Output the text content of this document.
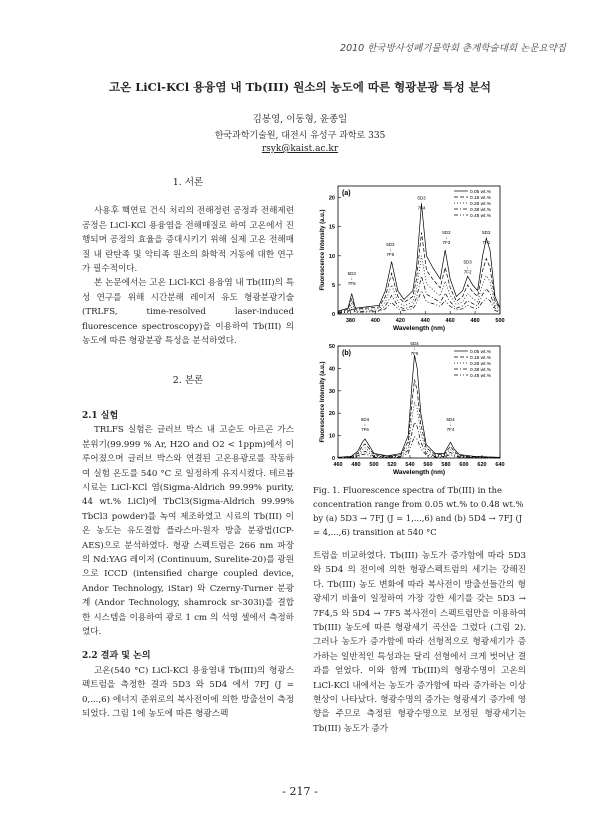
2010 한국방사성폐기물학회 춘계학술대회 논문요약집
고온 LiCl-KCl 용융염 내 Tb(III) 원소의 농도에 따른 형광분광 특성 분석
김봉영, 이동형, 윤종일
한국과학기술원, 대전시 유성구 과학로 335
rsyk@kaist.ac.kr
1. 서론

사용후 핵연료 건식 처리의 전해정련 공정과 전해제련 공정은 LiCl-KCl 용융염을 전해매질로 하여 고온에서 진행되며 공정의 효율을 증대시키기 위해 실제 고온 전해매질 내 란탄족 및 악티족 원소의 화학적 거동에 대한 연구가 필수적이다.

본 논문에서는 고온 LiCl-KCl 용융염 내 Tb(III)의 특성 연구를 위해 시간분해 레이저 유도 형광분광기술(TRLFS, time-resolved laser-induced fluorescence spectroscopy)을 이용하여 Tb(III) 의 농도에 따른 형광분광 특성을 분석하였다.

2. 본론
2.1 실험

TRLFS 실험은 글러브 박스 내 고순도 아르곤 가스 분위기(99.999 % Ar, H2O and O2 < 1ppm)에서 이루어졌으며 글러브 박스와 연결된 고온용광로를 작동하여 실험 온도를 540 °C 로 일정하게 유지시켰다. 테르븀 시료는 LiCl-KCl 염(Sigma-Aldrich 99.99% purity, 44 wt.% LiCl)에 TbCl3(Sigma-Aldrich 99.99% TbCl3 powder)를 녹여 제조하였고 시료의 Tb(III) 이온 농도는 유도결합 플라스마-원자 방출 분광법(ICP-AES)으로 분석하였다. 형광 스펙트럼은 266 nm 파장의 Nd:YAG 레이저 (Continuum, Surelite-20)를 광원으로 ICCD (intensified charge coupled device, Andor Technology, iStar) 와 Czerny-Turner 분광계 (Andor Technology, shamrock sr-303i)를 결합한 시스템을 이용하여 광로 1 cm 의 석영 셀에서 측정하였다.

2.2 결과 및 논의

고온(540 °C) LiCl-KCl 용융염내 Tb(III)의 형광스펙트럼을 측정한 결과 5D3 와 5D4 에서 7FJ (J = 0,...,6) 에너지 준위로의 복사전이에 의한 방출선이 측정되었다. 그림 1에 농도에 따른 형광스펙

380	400	420	440	460	480	500
0
5
10
15
20
Wavelength (nm)
Fluorescence Intensity (a.u.)
(a)	0.05 wt.%
0.15 wt.%
0.25 wt.%
0.38 wt.%
0.48 wt.%
5D3
↓
7F6
5D3
↓
7F5
5D3
↓
7F4
5D3
↓
7F3
5D3
↓
7F2
5D3
↓
7F1
460 480 500 520 540 560 580 600 620 640
0
10
20
30
40
50
Wavelength (nm)
Fluorescence Intensity (a.u.)
(b)	0.05 wt.%
0.15 wt.%
0.25 wt.%
0.38 wt.%
0.48 wt.%
5D4
↓
7F6
5D4
↓
7F5
5D4
↓
7F4
Fig. 1. Fluorescence spectra of Tb(III) in the concentration range from 0.05 wt.% to 0.48 wt.% by (a) 5D3 → 7FJ (J = 1,...,6) and (b) 5D4 → 7FJ (J = 4,...,6) transition at 540 °C
트럼을 비교하였다. Tb(III) 농도가 증가함에 따라 5D3 와 5D4 의 전이에 의한 형광스펙트럼의 세기는 강해진다. Tb(III) 농도 변화에 따라 복사전이 방출선들간의 형광세기 비율이 일정하여 가장 강한 세기를 갖는 5D3 → 7F4,5 와 5D4 → 7F5 복사전이 스펙트럼만을 이용하여 Tb(III) 농도에 따른 형광세기 곡선을 그렸다 (그림 2). 그러나 농도가 증가함에 따라 선형적으로 형광세기가 증가하는 일반적인 특성과는 달리 선형에서 크게 벗어난 결과를 얻었다. 이와 함께 Tb(III)의 형광수명이 고온의 LiCl-KCl 내에서는 농도가 증가함에 따라 증가하는 이상 현상이 나타났다. 형광수명의 증가는 형광세기 증가에 영향을 주므로 측정된 형광수명으로 보정된 형광세기는 Tb(III) 농도가 증가
- 217 -
